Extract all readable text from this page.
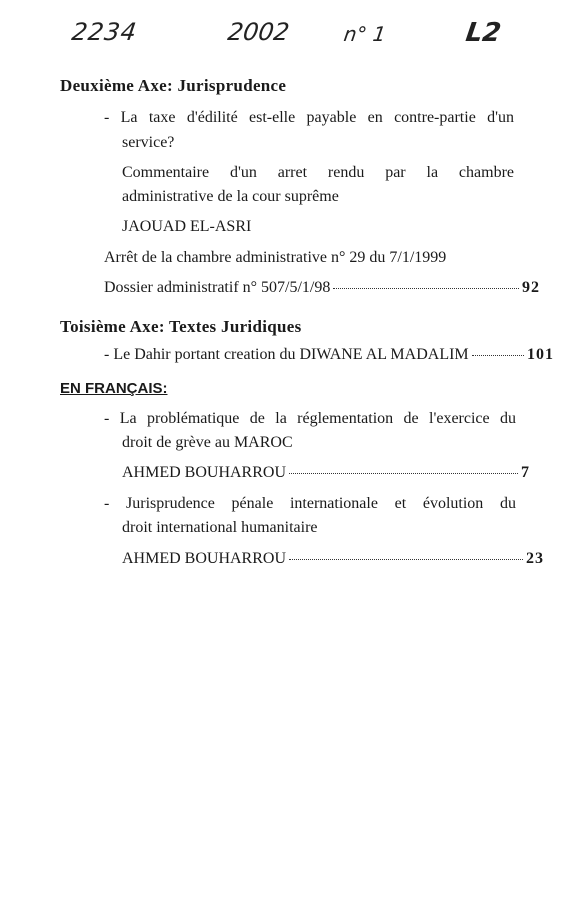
2234	2002	n° 1	L2
Deuxième Axe: Jurisprudence
- La taxe d'édilité est-elle payable en contre-partie d'un
service?
Commentaire d'un arret rendu par la chambre
administrative de la cour suprême
JAOUAD EL-ASRI
Arrêt de la chambre administrative n° 29 du 7/1/1999
Dossier administratif n° 507/5/1/98	92
Toisième Axe: Textes Juridiques
- Le Dahir portant creation du DIWANE AL MADALIM	101
EN FRANÇAIS:
- La problématique de la réglementation de l'exercice du
droit de grève au MAROC
AHMED BOUHARROU	7
- Jurisprudence pénale internationale et évolution du
droit international humanitaire
AHMED BOUHARROU	23
